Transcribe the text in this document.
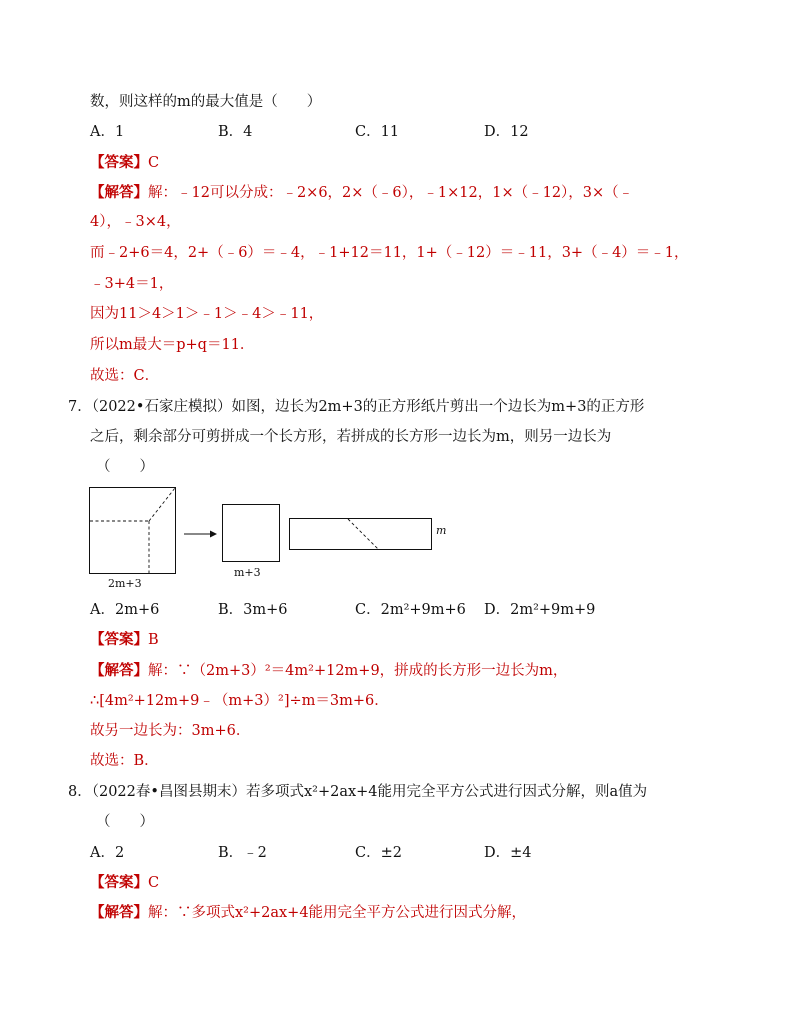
数，则这样的m的最大值是（　　）
A．1	B．4	C．11	D．12
【答案】C
【解答】解：﹣12可以分成：﹣2×6，2×（﹣6），﹣1×12，1×（﹣12），3×（﹣
4），﹣3×4，
而﹣2+6＝4，2+（﹣6）＝﹣4，﹣1+12＝11，1+（﹣12）＝﹣11，3+（﹣4）＝﹣1，
﹣3+4＝1，
因为11＞4＞1＞﹣1＞﹣4＞﹣11，
所以m最大＝p+q＝11．
故选：C．
7．（2022•石家庄模拟）如图，边长为2m+3的正方形纸片剪出一个边长为m+3的正方形
之后，剩余部分可剪拼成一个长方形，若拼成的长方形一边长为m，则另一边长为
（　　）
2m+3
m+3
m
A．2m+6	B．3m+6	C．2m²+9m+6 D．2m²+9m+9
【答案】B
【解答】解：∵（2m+3）²＝4m²+12m+9，拼成的长方形一边长为m，
∴[4m²+12m+9﹣（m+3）²]÷m＝3m+6．
故另一边长为：3m+6．
故选：B．
8．（2022春•昌图县期末）若多项式x²+2ax+4能用完全平方公式进行因式分解，则a值为
（　　）
A．2	B．﹣2	C．±2	D．±4
【答案】C
【解答】解：∵多项式x²+2ax+4能用完全平方公式进行因式分解，
